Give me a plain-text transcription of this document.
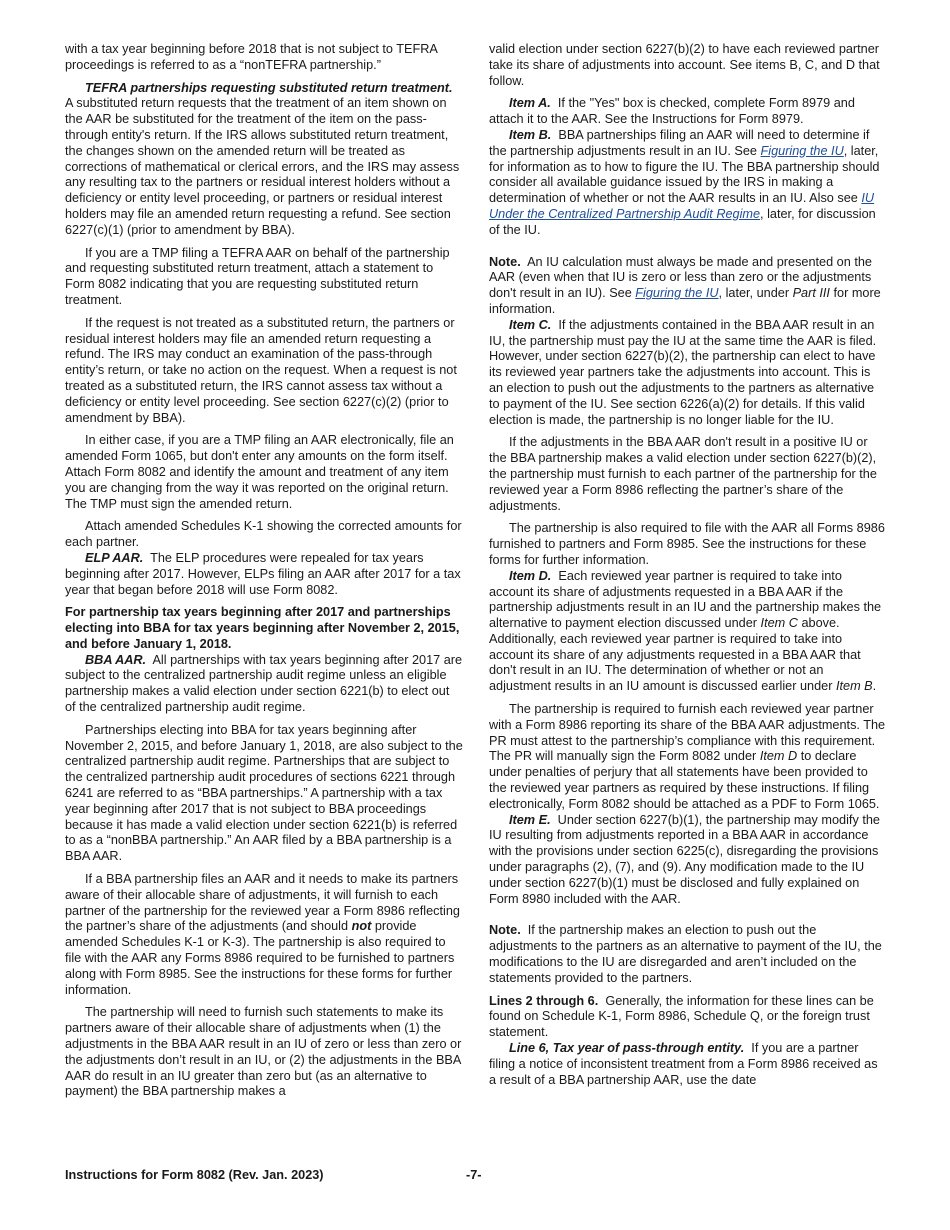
with a tax year beginning before 2018 that is not subject to TEFRA proceedings is referred to as a “nonTEFRA partnership.”

TEFRA partnerships requesting substituted return treatment.  A substituted return requests that the treatment of an item shown on the AAR be substituted for the treatment of the item on the pass-through entity's return. If the IRS allows substituted return treatment, the changes shown on the amended return will be treated as corrections of mathematical or clerical errors, and the IRS may assess any resulting tax to the partners or residual interest holders without a deficiency or entity level proceeding, or partners or residual interest holders may file an amended return requesting a refund. See section 6227(c)(1) (prior to amendment by BBA).

If you are a TMP filing a TEFRA AAR on behalf of the partnership and requesting substituted return treatment, attach a statement to Form 8082 indicating that you are requesting substituted return treatment.

If the request is not treated as a substituted return, the partners or residual interest holders may file an amended return requesting a refund. The IRS may conduct an examination of the pass-through entity’s return, or take no action on the request. When a request is not treated as a substituted return, the IRS cannot assess tax without a deficiency or entity level proceeding. See section 6227(c)(2) (prior to amendment by BBA).

In either case, if you are a TMP filing an AAR electronically, file an amended Form 1065, but don't enter any amounts on the form itself. Attach Form 8082 and identify the amount and treatment of any item you are changing from the way it was reported on the original return. The TMP must sign the amended return.

Attach amended Schedules K-1 showing the corrected amounts for each partner.

ELP AAR. The ELP procedures were repealed for tax years beginning after 2017. However, ELPs filing an AAR after 2017 for a tax year that began before 2018 will use Form 8082.

For partnership tax years beginning after 2017 and partnerships electing into BBA for tax years beginning after November 2, 2015, and before January 1, 2018.

BBA AAR. All partnerships with tax years beginning after 2017 are subject to the centralized partnership audit regime unless an eligible partnership makes a valid election under section 6221(b) to elect out of the centralized partnership audit regime.

Partnerships electing into BBA for tax years beginning after November 2, 2015, and before January 1, 2018, are also subject to the centralized partnership audit regime. Partnerships that are subject to the centralized partnership audit procedures of sections 6221 through 6241 are referred to as “BBA partnerships.” A partnership with a tax year beginning after 2017 that is not subject to BBA proceedings because it has made a valid election under section 6221(b) is referred to as a “nonBBA partnership.” An AAR filed by a BBA partnership is a BBA AAR.

If a BBA partnership files an AAR and it needs to make its partners aware of their allocable share of adjustments, it will furnish to each partner of the partnership for the reviewed year a Form 8986 reflecting the partner’s share of the adjustments (and should not provide amended Schedules K-1 or K-3). The partnership is also required to file with the AAR any Forms 8986 required to be furnished to partners along with Form 8985. See the instructions for these forms for further information.

The partnership will need to furnish such statements to make its partners aware of their allocable share of adjustments when (1) the adjustments in the BBA AAR result in an IU of zero or less than zero or the adjustments don’t result in an IU, or (2) the adjustments in the BBA AAR do result in an IU greater than zero but (as an alternative to payment) the BBA partnership makes a

valid election under section 6227(b)(2) to have each reviewed partner take its share of adjustments into account. See items B, C, and D that follow.

Item A. If the "Yes" box is checked, complete Form 8979 and attach it to the AAR. See the Instructions for Form 8979.

Item B. BBA partnerships filing an AAR will need to determine if the partnership adjustments result in an IU. See Figuring the IU, later, for information as to how to figure the IU. The BBA partnership should consider all available guidance issued by the IRS in making a determination of whether or not the AAR results in an IU. Also see IU Under the Centralized Partnership Audit Regime, later, for discussion of the IU.

Note. An IU calculation must always be made and presented on the AAR (even when that IU is zero or less than zero or the adjustments don't result in an IU). See Figuring the IU, later, under Part III for more information.

Item C. If the adjustments contained in the BBA AAR result in an IU, the partnership must pay the IU at the same time the AAR is filed. However, under section 6227(b)(2), the partnership can elect to have its reviewed year partners take the adjustments into account. This is an election to push out the adjustments to the partners as alternative to payment of the IU. See section 6226(a)(2) for details. If this valid election is made, the partnership is no longer liable for the IU.

If the adjustments in the BBA AAR don't result in a positive IU or the BBA partnership makes a valid election under section 6227(b)(2), the partnership must furnish to each partner of the partnership for the reviewed year a Form 8986 reflecting the partner’s share of the adjustments.

The partnership is also required to file with the AAR all Forms 8986 furnished to partners and Form 8985. See the instructions for these forms for further information.

Item D. Each reviewed year partner is required to take into account its share of adjustments requested in a BBA AAR if the partnership adjustments result in an IU and the partnership makes the alternative to payment election discussed under Item C above. Additionally, each reviewed year partner is required to take into account its share of any adjustments requested in a BBA AAR that don't result in an IU. The determination of whether or not an adjustment results in an IU amount is discussed earlier under Item B.

The partnership is required to furnish each reviewed year partner with a Form 8986 reporting its share of the BBA AAR adjustments. The PR must attest to the partnership’s compliance with this requirement. The PR will manually sign the Form 8082 under Item D to declare under penalties of perjury that all statements have been provided to the reviewed year partners as required by these instructions. If filing electronically, Form 8082 should be attached as a PDF to Form 1065.

Item E. Under section 6227(b)(1), the partnership may modify the IU resulting from adjustments reported in a BBA AAR in accordance with the provisions under section 6225(c), disregarding the provisions under paragraphs (2), (7), and (9). Any modification made to the IU under section 6227(b)(1) must be disclosed and fully explained on Form 8980 included with the AAR.

Note. If the partnership makes an election to push out the adjustments to the partners as an alternative to payment of the IU, the modifications to the IU are disregarded and aren’t included on the statements provided to the partners.

Lines 2 through 6. Generally, the information for these lines can be found on Schedule K-1, Form 8986, Schedule Q, or the foreign trust statement.

Line 6, Tax year of pass-through entity. If you are a partner filing a notice of inconsistent treatment from a Form 8986 received as a result of a BBA partnership AAR, use the date

Instructions for Form 8082 (Rev. Jan. 2023)	-7-
